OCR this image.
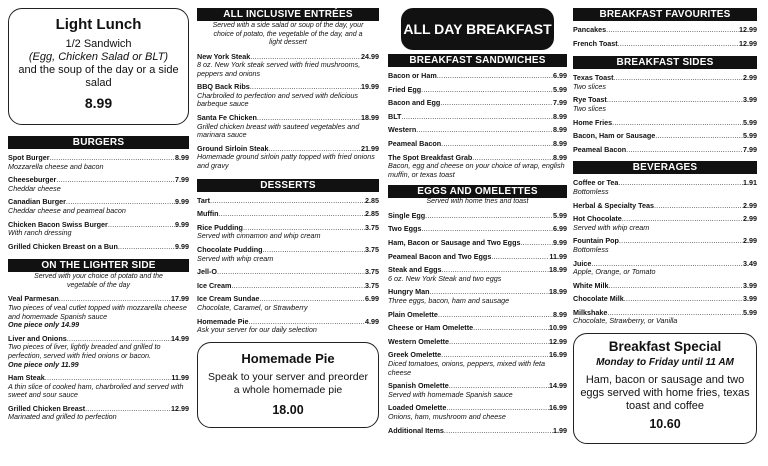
Light Lunch
1/2 Sandwich
(Egg, Chicken Salad or BLT)
and the soup of the day or a side salad
8.99
BURGERS
Spot Burger .....	8.99
Mozzarella cheese and bacon
Cheeseburger .....	7.99
Cheddar cheese
Canadian Burger .....	9.99
Cheddar cheese and peameal bacon
Chicken Bacon Swiss Burger .....	9.99
With ranch dressing
Grilled Chicken Breast on a Bun .....	9.99
ON THE LIGHTER SIDE
Served with your choice of potato and the vegetable of the day
Veal Parmesan .....	17.99
Two pieces of veal cutlet topped with mozzarella cheese and homemade Spanish sauce
One piece only 14.99
Liver and Onions .....	14.99
Two pieces of liver, lightly breaded and grilled to perfection, served with fried onions or bacon.
One piece only 11.99
Ham Steak .....	11.99
A thin slice of cooked ham, charbroiled and served with sweet and sour sauce
Grilled Chicken Breast .....	12.99
Marinated and grilled to perfection
ALL INCLUSIVE ENTRÉES
Served with a side salad or soup of the day, your choice of potato, the vegetable of the day, and a light dessert
New York Steak .....	24.99
8 oz. New York steak served with fried mushrooms, peppers and onions
BBQ Back Ribs .....	19.99
Charbroiled to perfection and served with delicious barbeque sauce
Santa Fe Chicken .....	18.99
Grilled chicken breast with sauteed vegetables and marinara sauce
Ground Sirloin Steak .....	21.99
Homemade ground sirloin patty topped with fried onions and gravy
DESSERTS
Tart .....	2.85
Muffin .....	2.85
Rice Pudding .....	3.75
Served with cinnamon and whip cream
Chocolate Pudding .....	3.75
Served with whip cream
Jell-O .....	3.75
Ice Cream .....	3.75
Ice Cream Sundae .....	6.99
Chocolate, Caramel, or Strawberry
Homemade Pie .....	4.99
Ask your server for our daily selection
Homemade Pie
Speak to your server and preorder a whole homemade pie
18.00
ALL DAY BREAKFAST
BREAKFAST SANDWICHES
Bacon or Ham .....	6.99
Fried Egg .....	5.99
Bacon and Egg .....	7.99
BLT .....	8.99
Western .....	8.99
Peameal Bacon .....	8.99
The Spot Breakfast Grab .....	8.99
Bacon, egg and cheese on your choice of wrap, english muffin, or texas toast
EGGS AND OMELETTES
Served with home fries and toast
Single Egg .....	5.99
Two Eggs .....	6.99
Ham, Bacon or Sausage and Two Eggs .....	9.99
Peameal Bacon and Two Eggs .....	11.99
Steak and Eggs .....	18.99
6 oz. New York Steak and two eggs
Hungry Man .....	18.99
Three eggs, bacon, ham and sausage
Plain Omelette .....	8.99
Cheese or Ham Omelette .....	10.99
Western Omelette .....	12.99
Greek Omelette .....	16.99
Diced tomatoes, onions, peppers, mixed with feta cheese
Spanish Omelette .....	14.99
Served with homemade Spanish sauce
Loaded Omelette .....	16.99
Onions, ham, mushroom and cheese
Additional Items .....	1.99
BREAKFAST FAVOURITES
Pancakes .....	12.99
French Toast .....	12.99
BREAKFAST SIDES
Texas Toast .....	2.99
Two slices
Rye Toast .....	3.99
Two slices
Home Fries .....	5.99
Bacon, Ham or Sausage .....	5.99
Peameal Bacon .....	7.99
BEVERAGES
Coffee or Tea .....	1.91
Bottomless
Herbal & Specialty Teas .....	2.99
Hot Chocolate .....	2.99
Served with whip cream
Fountain Pop .....	2.99
Bottomless
Juice .....	3.49
Apple, Orange, or Tomato
White Milk .....	3.99
Chocolate Milk .....	3.99
Milkshake .....	5.99
Chocolate, Strawberry, or Vanilla
Breakfast Special
Monday to Friday until 11 AM
Ham, bacon or sausage and two eggs served with home fries, texas toast and coffee
10.60
